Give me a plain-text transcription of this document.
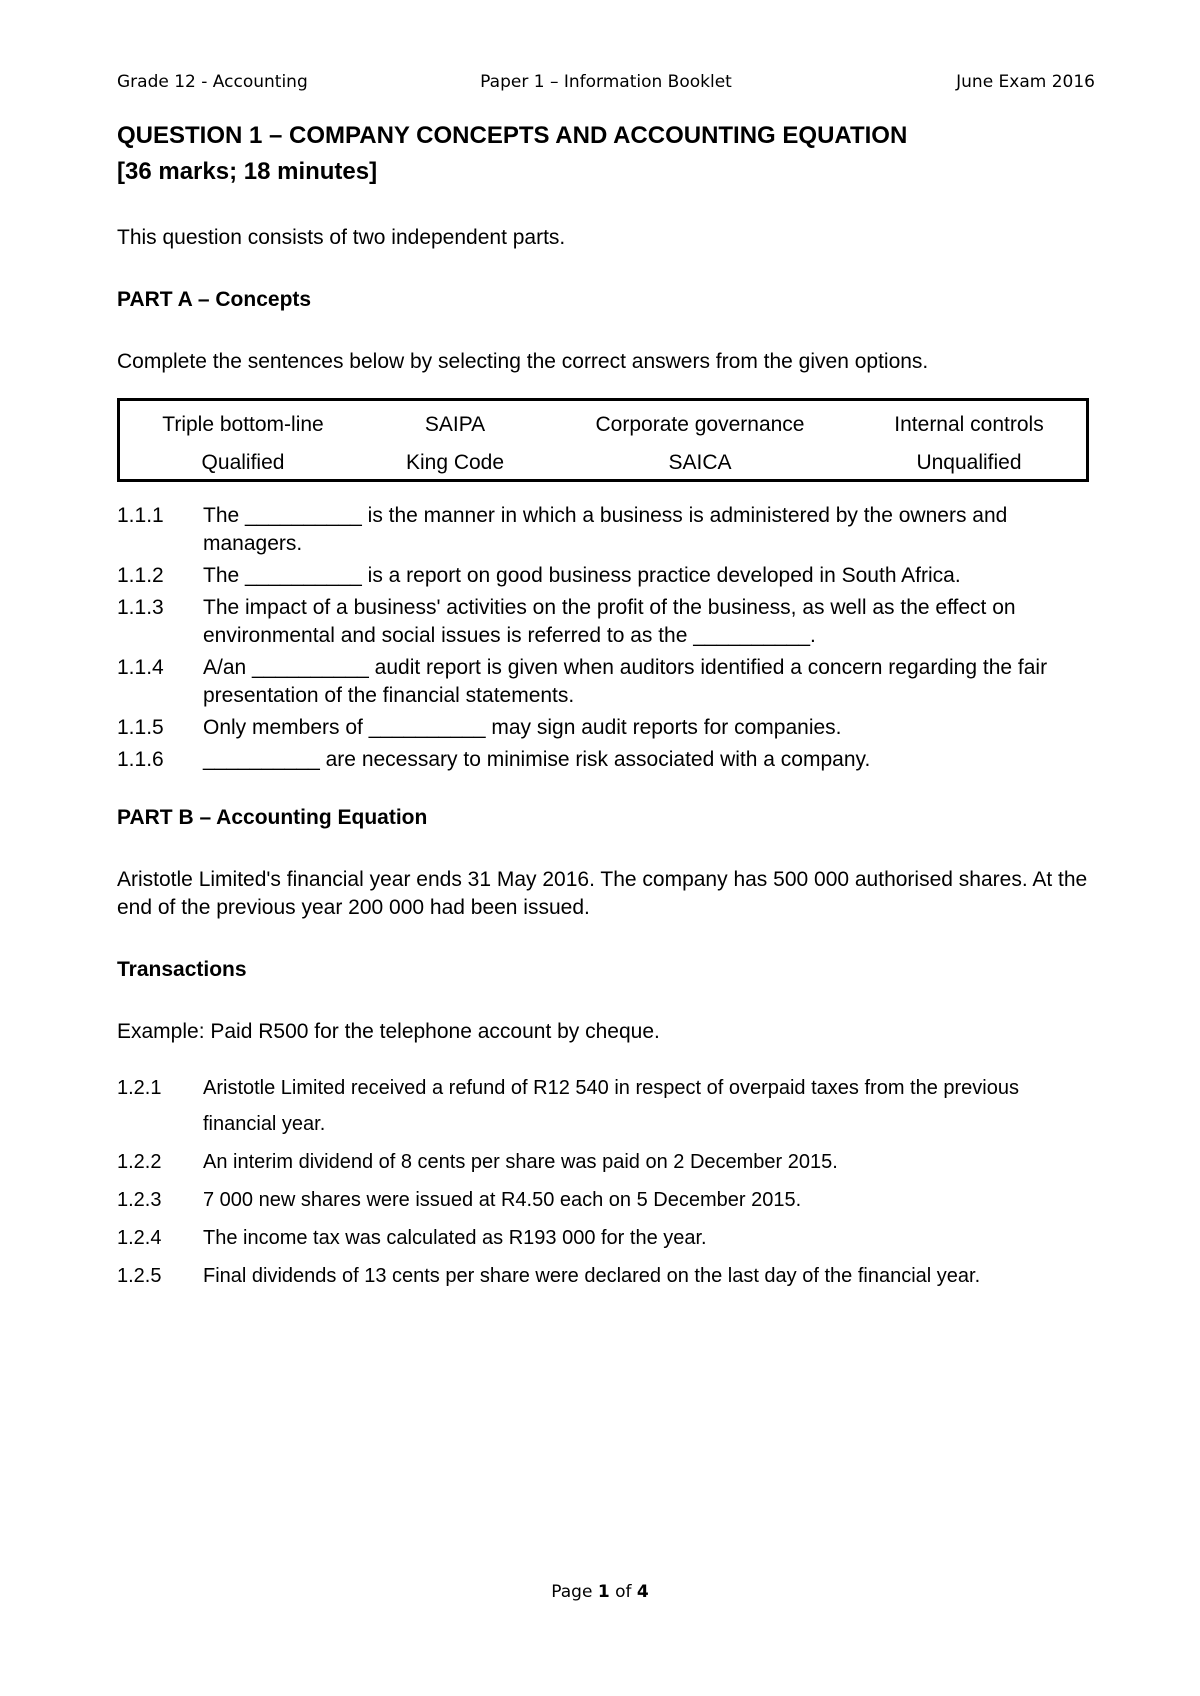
Grade 12 - Accounting	Paper 1 – Information Booklet	June Exam 2016
QUESTION 1 – COMPANY CONCEPTS AND ACCOUNTING EQUATION
[36 marks; 18 minutes]

This question consists of two independent parts.

PART A – Concepts

Complete the sentences below by selecting the correct answers from the given options.

Triple bottom-line	SAIPA	Corporate governance	Internal controls
Qualified	King Code	SAICA	Unqualified
1.1.1	The __________ is the manner in which a business is administered by the owners and managers.
1.1.2	The __________ is a report on good business practice developed in South Africa.
1.1.3	The impact of a business' activities on the profit of the business, as well as the effect on environmental and social issues is referred to as the __________.
1.1.4	A/an __________ audit report is given when auditors identified a concern regarding the fair presentation of the financial statements.
1.1.5	Only members of __________ may sign audit reports for companies.
1.1.6	__________ are necessary to minimise risk associated with a company.

PART B – Accounting Equation

Aristotle Limited's financial year ends 31 May 2016. The company has 500 000 authorised shares. At the end of the previous year 200 000 had been issued.

Transactions

Example: Paid R500 for the telephone account by cheque.

1.2.1	Aristotle Limited received a refund of R12 540 in respect of overpaid taxes from the previous financial year.
1.2.2	An interim dividend of 8 cents per share was paid on 2 December 2015.
1.2.3	7 000 new shares were issued at R4.50 each on 5 December 2015.
1.2.4	The income tax was calculated as R193 000 for the year.
1.2.5	Final dividends of 13 cents per share were declared on the last day of the financial year.
Page 1 of 4
